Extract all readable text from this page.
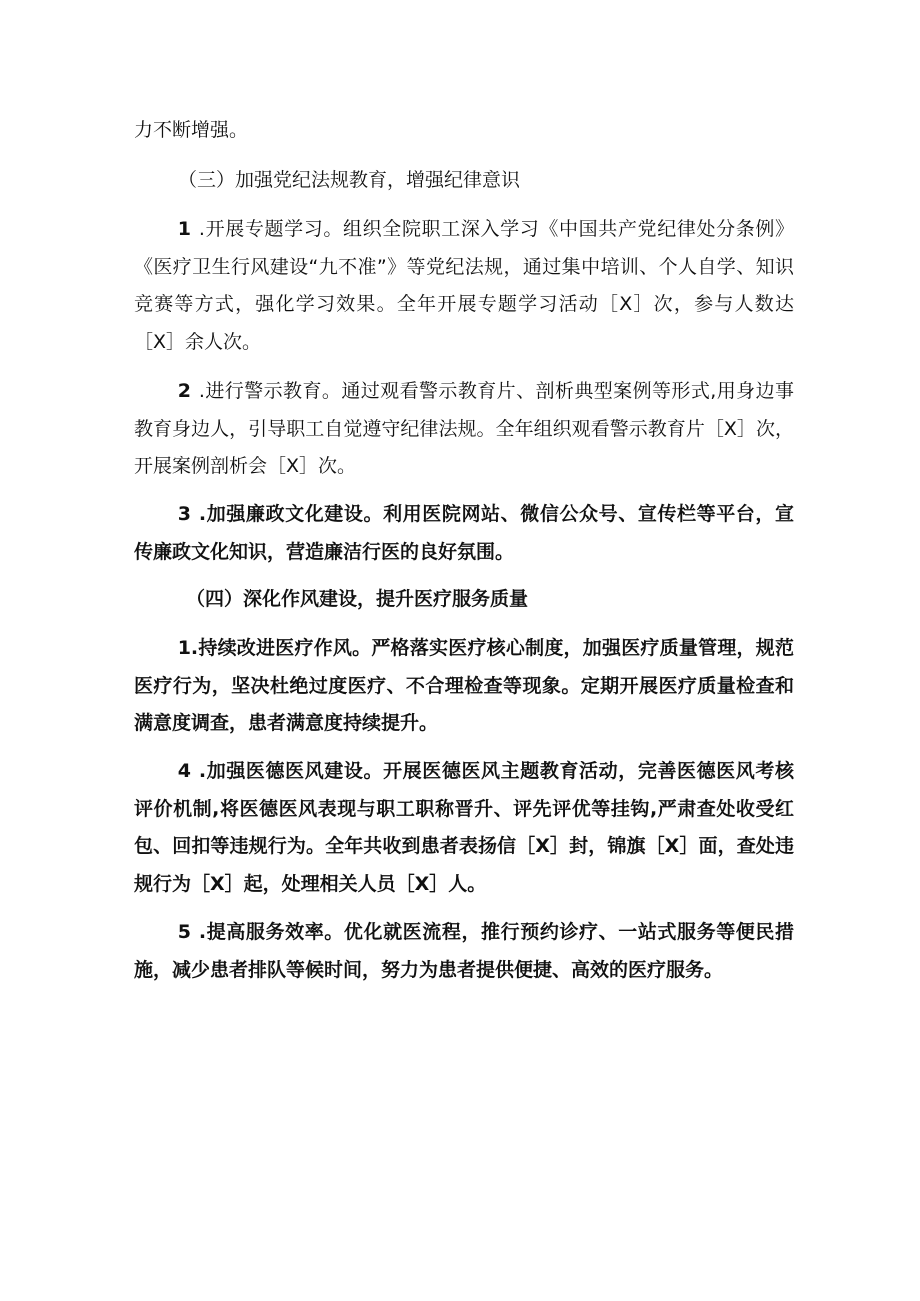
力不断增强。

（三）加强党纪法规教育，增强纪律意识

1 .开展专题学习。组织全院职工深入学习《中国共产党纪律处分条例》《医疗卫生行风建设“九不准”》等党纪法规，通过集中培训、个人自学、知识竞赛等方式，强化学习效果。全年开展专题学习活动［X］次，参与人数达［X］余人次。

2 .进行警示教育。通过观看警示教育片、剖析典型案例等形式,用身边事教育身边人，引导职工自觉遵守纪律法规。全年组织观看警示教育片［X］次，开展案例剖析会［X］次。

3 .加强廉政文化建设。利用医院网站、微信公众号、宣传栏等平台，宣传廉政文化知识，营造廉洁行医的良好氛围。

（四）深化作风建设，提升医疗服务质量

1.持续改进医疗作风。严格落实医疗核心制度，加强医疗质量管理，规范医疗行为，坚决杜绝过度医疗、不合理检查等现象。定期开展医疗质量检查和满意度调查，患者满意度持续提升。

4 .加强医德医风建设。开展医德医风主题教育活动，完善医德医风考核评价机制,将医德医风表现与职工职称晋升、评先评优等挂钩,严肃查处收受红包、回扣等违规行为。全年共收到患者表扬信［X］封，锦旗［X］面，查处违规行为［X］起，处理相关人员［X］人。

5 .提高服务效率。优化就医流程，推行预约诊疗、一站式服务等便民措施，减少患者排队等候时间，努力为患者提供便捷、高效的医疗服务。
